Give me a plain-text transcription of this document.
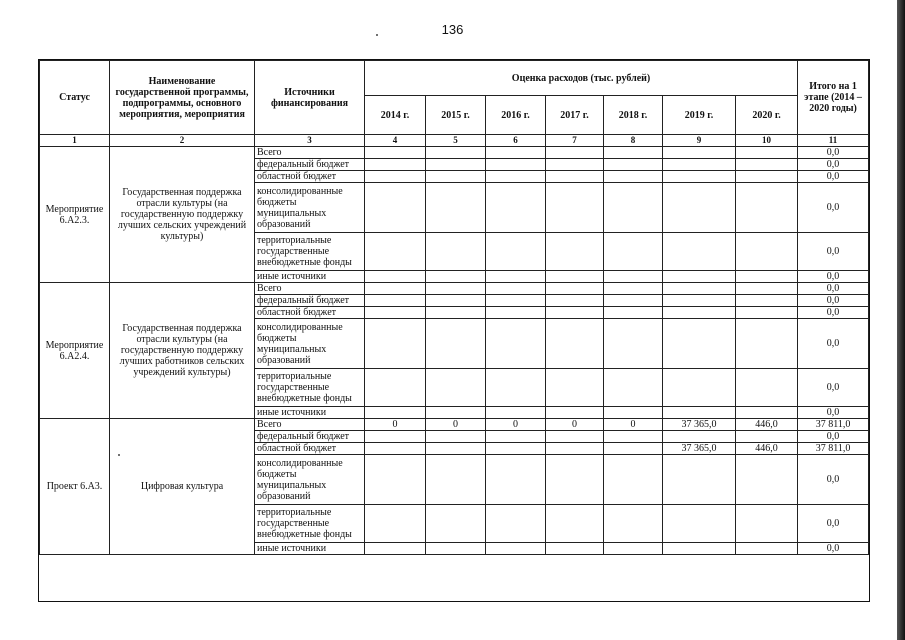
136
Статус	Наименование государственной программы, подпрограммы, основного мероприятия, мероприятия	Источники финансирования	Оценка расходов (тыс. рублей)							Итого на 1 этапе (2014 – 2020 годы)
			2014 г.	2015 г.	2016 г.	2017 г.	2018 г.	2019 г.	2020 г.	
1	2	3	4	5	6	7	8	9	10	11
Мероприятие 6.А2.3.	Государственная поддержка отрасли культуры (на государственную поддержку лучших сельских учреждений культуры)	Всего								0,0
		федеральный бюджет								0,0
		областной бюджет								0,0
		консолидированные бюджеты муниципальных образований								0,0
		территориальные государственные внебюджетные фонды								0,0
		иные источники								0,0
Мероприятие 6.А2.4.	Государственная поддержка отрасли культуры (на государственную поддержку лучших работников сельских учреждений культуры)	Всего								0,0
		федеральный бюджет								0,0
		областной бюджет								0,0
		консолидированные бюджеты муниципальных образований								0,0
		территориальные государственные внебюджетные фонды								0,0
		иные источники								0,0
Проект 6.А3.	Цифровая культура	Всего	0	0	0	0	0	37 365,0	446,0	37 811,0
		федеральный бюджет								0,0
		областной бюджет						37 365,0	446,0	37 811,0
		консолидированные бюджеты муниципальных образований								0,0
		территориальные государственные внебюджетные фонды								0,0
		иные источники								0,0
